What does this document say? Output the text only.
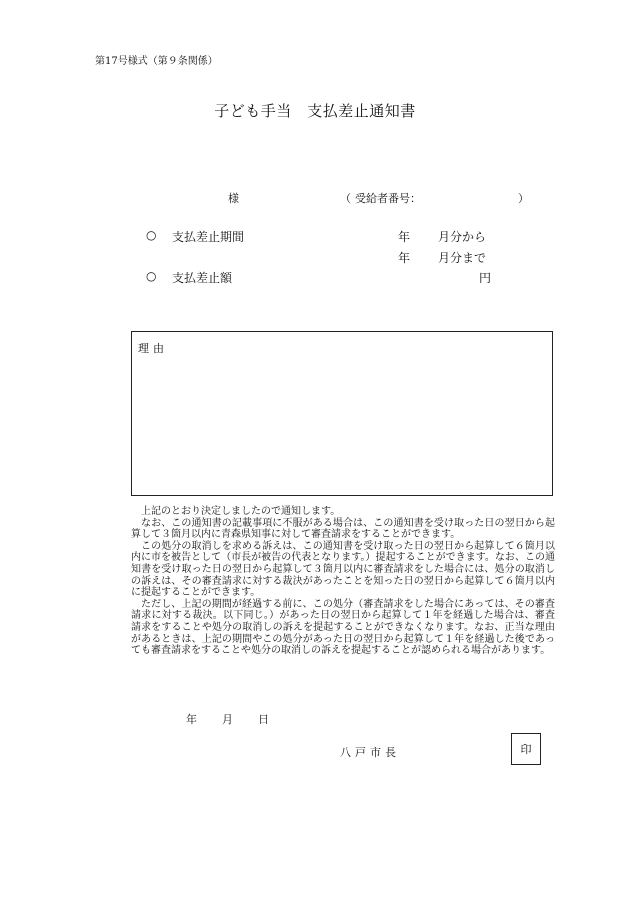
第17号様式（第９条関係）
子ども手当　支払差止通知書
様	（ 受給者番号：	）
○ 支払差止期間	年 月分から
年 月分まで
○ 支払差止額	円
理由

上記のとおり決定しましたので通知します。

なお、この通知書の記載事項に不服がある場合は、この通知書を受け取った日の翌日から起算して３箇月以内に青森県知事に対して審査請求をすることができます。

この処分の取消しを求める訴えは、この通知書を受け取った日の翌日から起算して６箇月以内に市を被告として（市長が被告の代表となります。）提起することができます。なお、この通知書を受け取った日の翌日から起算して３箇月以内に審査請求をした場合には、処分の取消しの訴えは、その審査請求に対する裁決があったことを知った日の翌日から起算して６箇月以内に提起することができます。

ただし、上記の期間が経過する前に、この処分（審査請求をした場合にあっては、その審査請求に対する裁決。以下同じ。）があった日の翌日から起算して１年を経過した場合は、審査請求をすることや処分の取消しの訴えを提起することができなくなります。なお、正当な理由があるときは、上記の期間やこの処分があった日の翌日から起算して１年を経過した後であっても審査請求をすることや処分の取消しの訴えを提起することが認められる場合があります。

年 月 日
八戸市長	印
